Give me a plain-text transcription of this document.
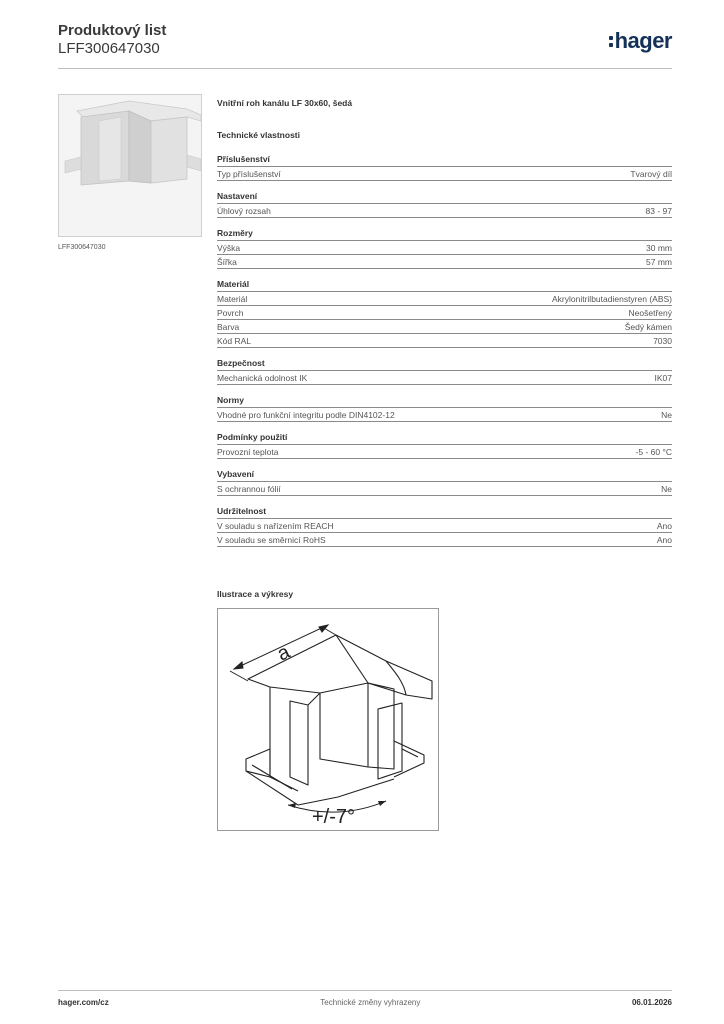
Produktový list
LFF300647030	hager
LFF300647030
Vnitřní roh kanálu LF 30x60, šedá
Technické vlastnosti
Příslušenství
Typ příslušenství	Tvarový díl
Nastavení
Úhlový rozsah	83 - 97
Rozměry
Výška	30 mm
Šířka	57 mm
Materiál
Materiál	Akrylonitrilbutadienstyren (ABS)
Povrch	Neošetřený
Barva	Šedý kámen
Kód RAL	7030
Bezpečnost
Mechanická odolnost IK	IK07
Normy
Vhodné pro funkční integritu podle DIN4102-12	Ne
Podmínky použití
Provozní teplota	-5 - 60 °C
Vybavení
S ochrannou fólií	Ne
Udržitelnost
V souladu s nařízením REACH	Ano
V souladu se směrnicí RoHS	Ano
Ilustrace a výkresy
a
+/-7°
hager.com/cz	Technické změny vyhrazeny	06.01.2026
